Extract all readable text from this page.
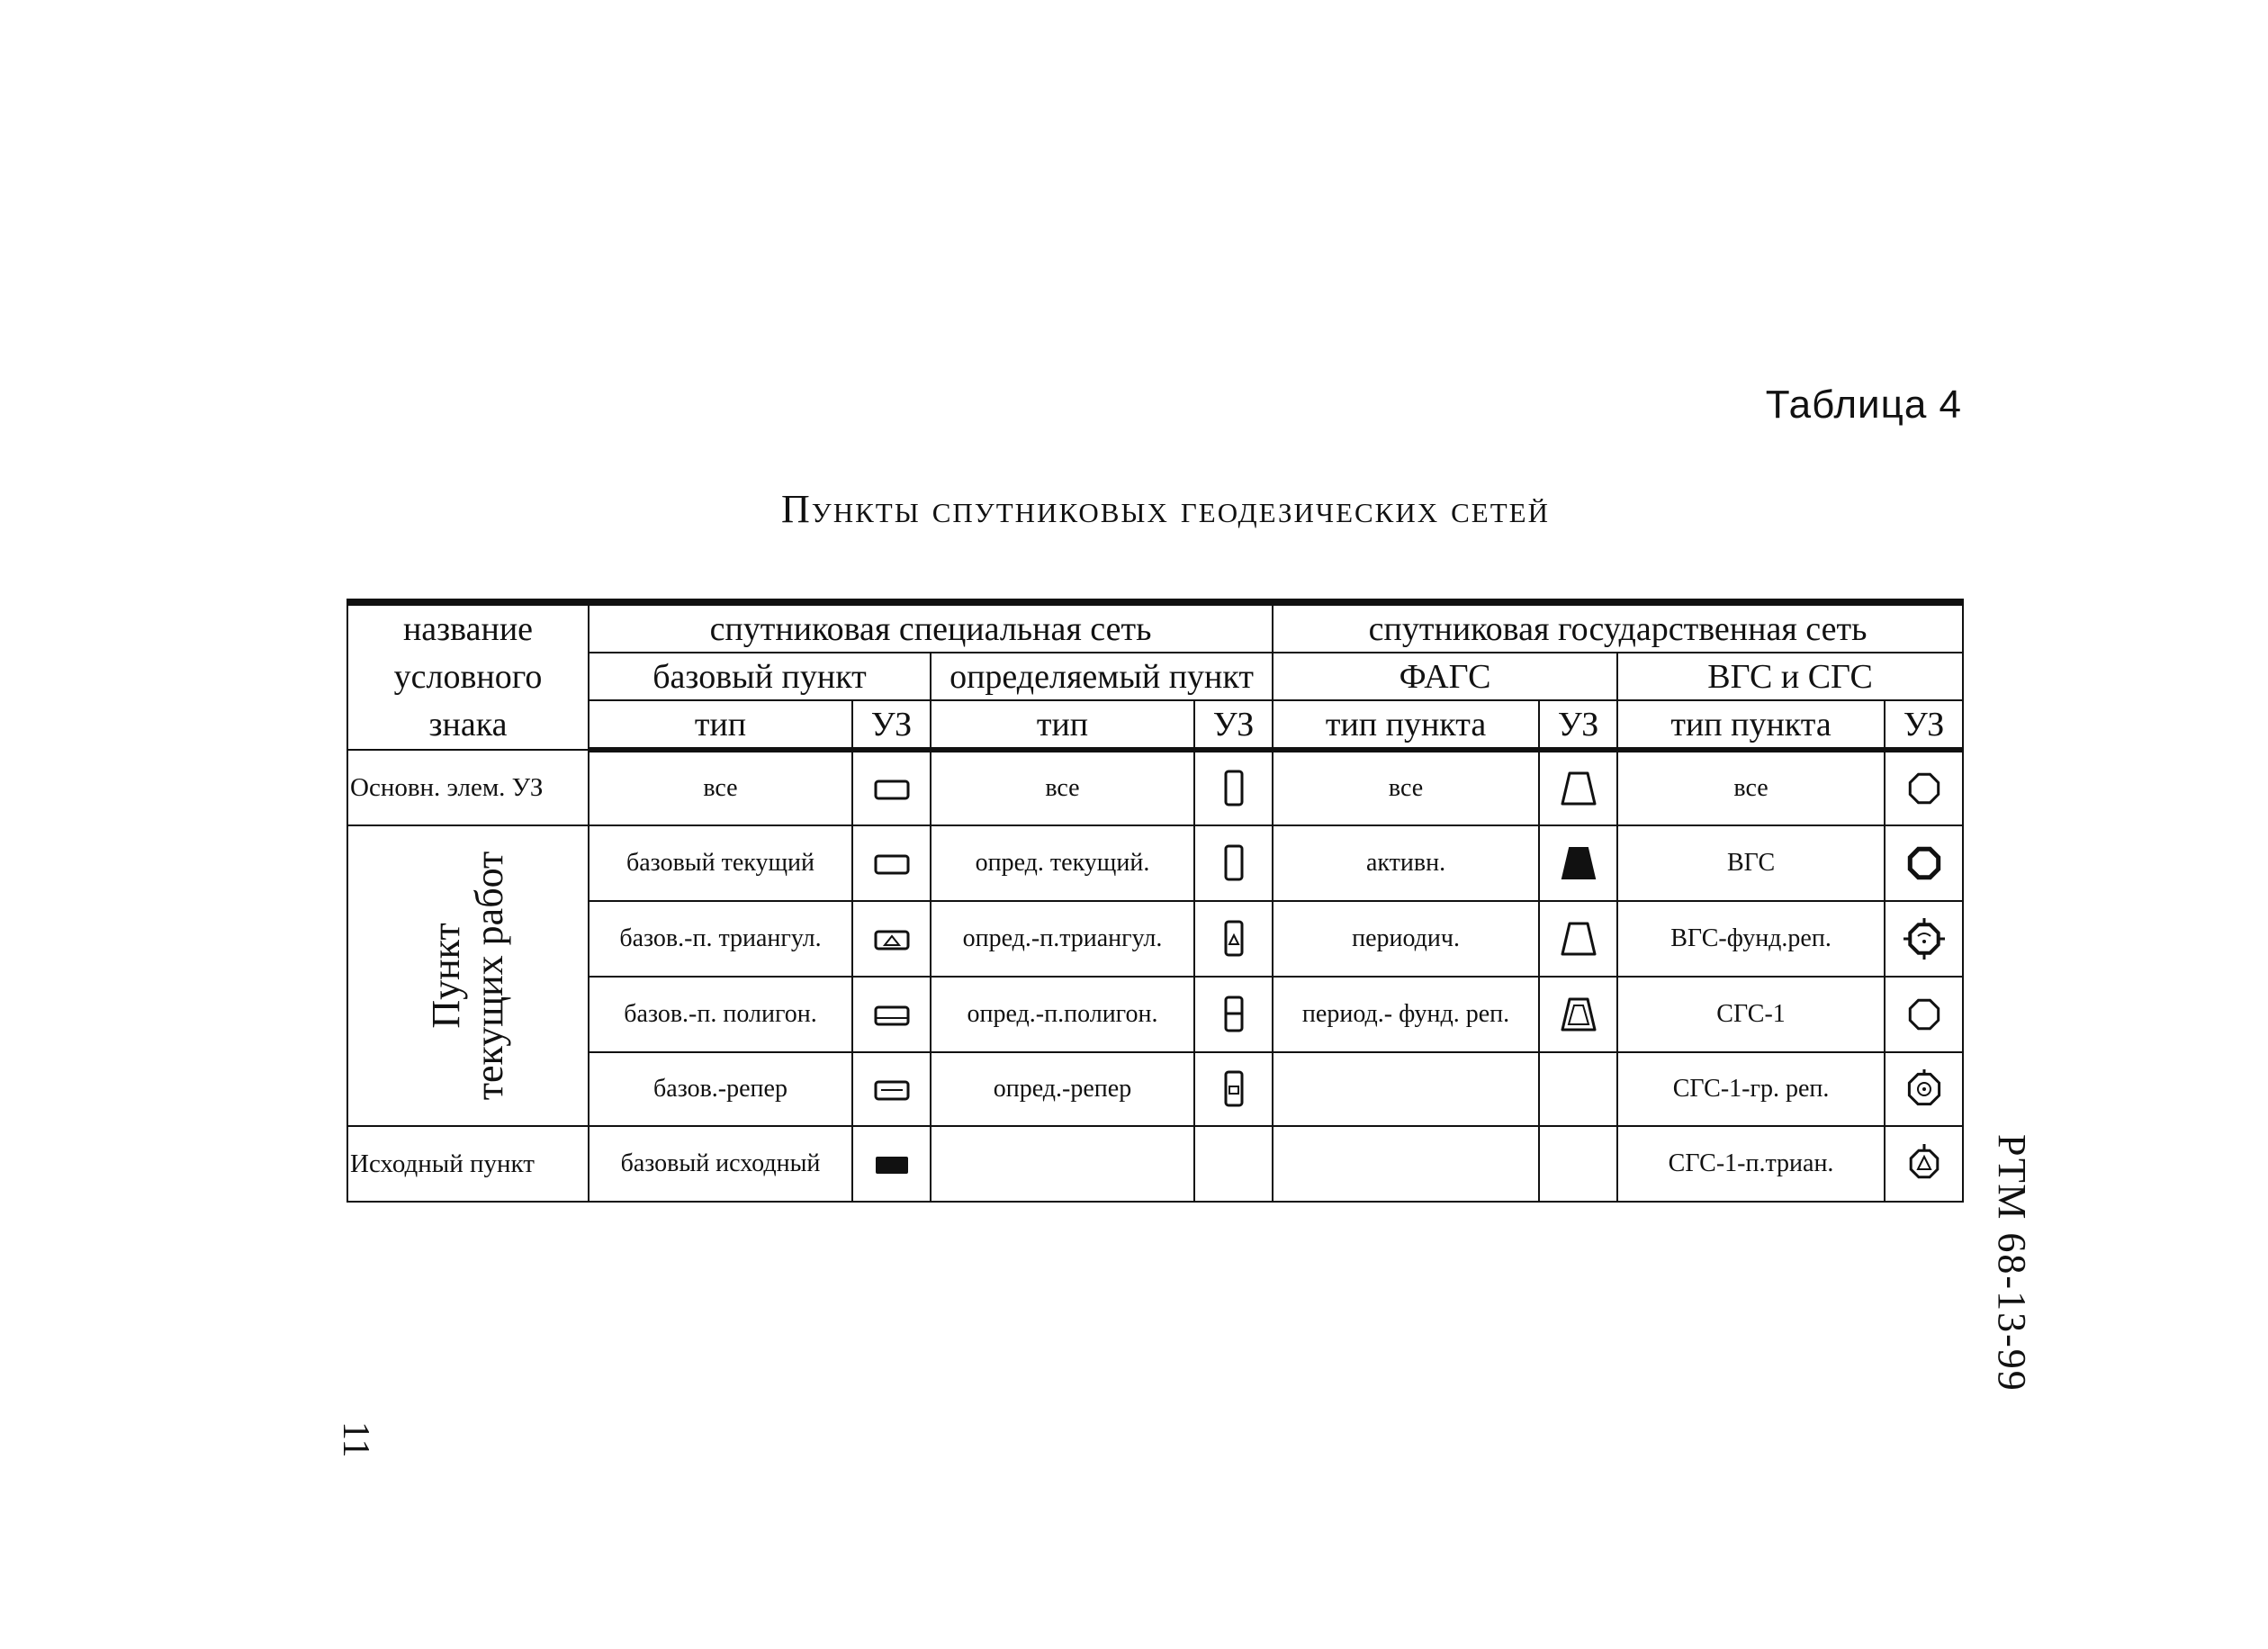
Таблица 4
Пункты спутниковых геодезических сетей
РТМ 68-13-99
11
название
условного
знака	спутниковая специальная сеть				спутниковая государственная сеть			
	базовый пункт		определяемый пункт		ФАГС		ВГС и СГС	
	тип	УЗ	тип	УЗ	тип пункта	УЗ	тип пункта	УЗ
Основн. элем. УЗ	все		все		все		все	

Пункт текущих работ	базовый текущий		опред. текущий.		активн.		ВГС	
	базов.-п. триангул.		опред.-п.триангул.		периодич.		ВГС-фунд.реп.	
	базов.-п. полигон.		опред.-п.полигон.		период.- фунд. реп.		СГС-1	
	базов.-репер		опред.-репер				СГС-1-гр. реп.	
Исходный пункт	базовый исходный						СГС-1-п.триан.	
